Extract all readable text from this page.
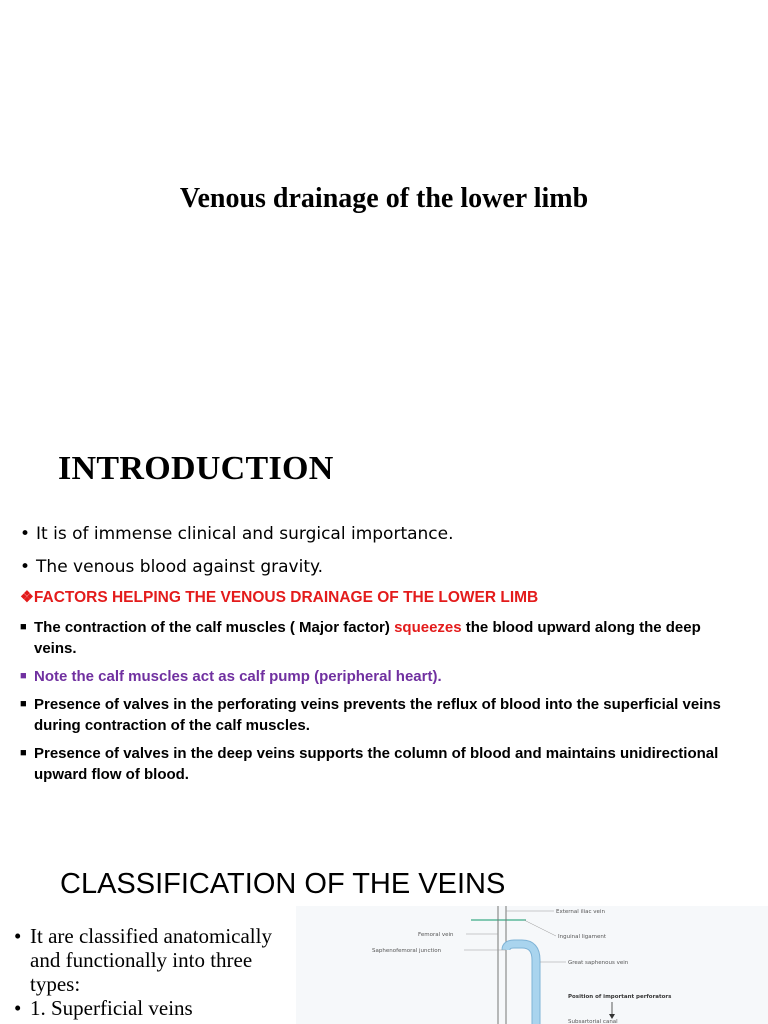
Venous drainage of the lower limb
INTRODUCTION
• It is of immense clinical and surgical importance.
• The venous blood against gravity.
❖FACTORS HELPING THE VENOUS DRAINAGE OF THE LOWER LIMB
■ The contraction of the calf muscles ( Major factor) squeezes the blood upward along the deep veins.
■ Note the calf muscles act as calf pump (peripheral heart).
■ Presence of valves in the perforating veins prevents the reflux of blood into the superficial veins during contraction of the calf muscles.
■ Presence of valves in the deep veins supports the column of blood and maintains unidirectional upward flow of blood.
CLASSIFICATION OF THE VEINS
• It are classified anatomically and functionally into three types:
• 1. Superficial veins
External iliac vein
Femoral vein	Inguinal ligament
Saphenofemoral junction
Great saphenous vein
Position of important perforators
Subsartorial canal
